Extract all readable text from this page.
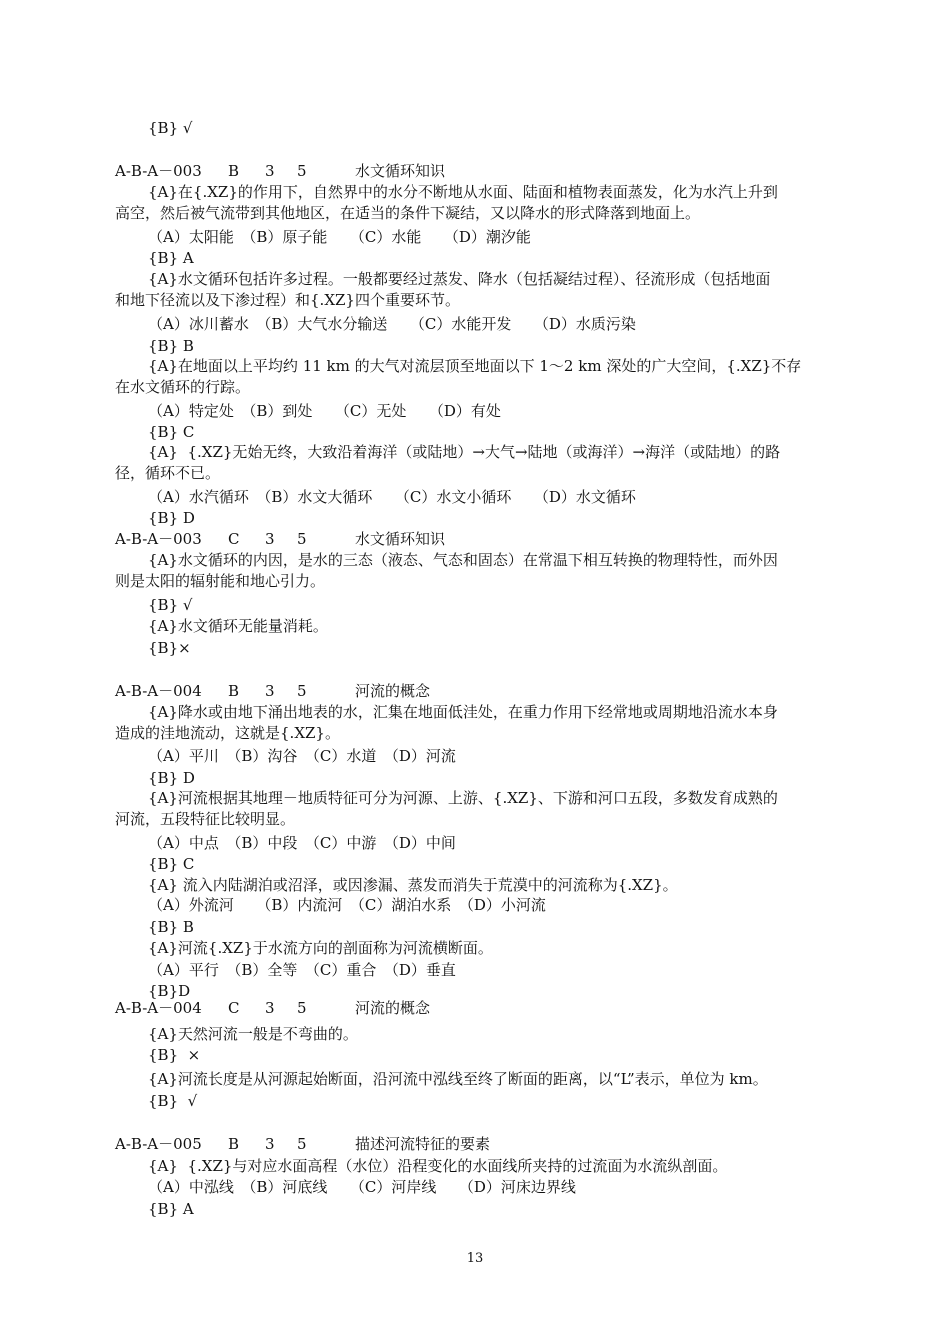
{B} √
A-B-A－003 B 3 5	水文循环知识
{A}在{.XZ}的作用下，自然界中的水分不断地从水面、陆面和植物表面蒸发，化为水汽上升到
高空，然后被气流带到其他地区，在适当的条件下凝结，又以降水的形式降落到地面上。
（A）太阳能　（B）原子能　　（C）水能　　（D）潮汐能
{B} A
{A}水文循环包括许多过程。一般都要经过蒸发、降水（包括凝结过程）、径流形成（包括地面
和地下径流以及下渗过程）和{.XZ}四个重要环节。
（A）冰川蓄水　（B）大气水分输送　　（C）水能开发　　（D）水质污染
{B} B
{A}在地面以上平均约 11 km 的大气对流层顶至地面以下 1～2 km 深处的广大空间，{.XZ}不存
在水文循环的行踪。
（A）特定处　（B）到处　　（C）无处　　（D）有处
{B} C
{A}  {.XZ}无始无终，大致沿着海洋（或陆地）→大气→陆地（或海洋）→海洋（或陆地）的路
径，循环不已。
（A）水汽循环　（B）水文大循环　　（C）水文小循环　　（D）水文循环
{B} D
A-B-A－003 C 3 5	水文循环知识
{A}水文循环的内因，是水的三态（液态、气态和固态）在常温下相互转换的物理特性，而外因
则是太阳的辐射能和地心引力。
{B} √
{A}水文循环无能量消耗。
{B}×
A-B-A－004 B 3 5	河流的概念
{A}降水或由地下涌出地表的水，汇集在地面低洼处，在重力作用下经常地或周期地沿流水本身
造成的洼地流动，这就是{.XZ}。
（A）平川　（B）沟谷　（C）水道　（D）河流
{B} D
{A}河流根据其地理－地质特征可分为河源、上游、{.XZ}、下游和河口五段，多数发育成熟的
河流，五段特征比较明显。
（A）中点　（B）中段　（C）中游　（D）中间
{B} C
{A} 流入内陆湖泊或沼泽，或因渗漏、蒸发而消失于荒漠中的河流称为{.XZ}。
（A）外流河　　（B）内流河　（C）湖泊水系　（D）小河流
{B} B
{A}河流{.XZ}于水流方向的剖面称为河流横断面。
（A）平行　（B）全等　（C）重合　（D）垂直
{B}D
A-B-A－004 C 3 5	河流的概念
{A}天然河流一般是不弯曲的。
{B}  ×
{A}河流长度是从河源起始断面，沿河流中泓线至终了断面的距离，以“L”表示，单位为 km。
{B}  √
A-B-A－005 B 3 5	描述河流特征的要素
{A}  {.XZ}与对应水面高程（水位）沿程变化的水面线所夹持的过流面为水流纵剖面。
（A）中泓线　（B）河底线　　（C）河岸线　　（D）河床边界线
{B} A
13
